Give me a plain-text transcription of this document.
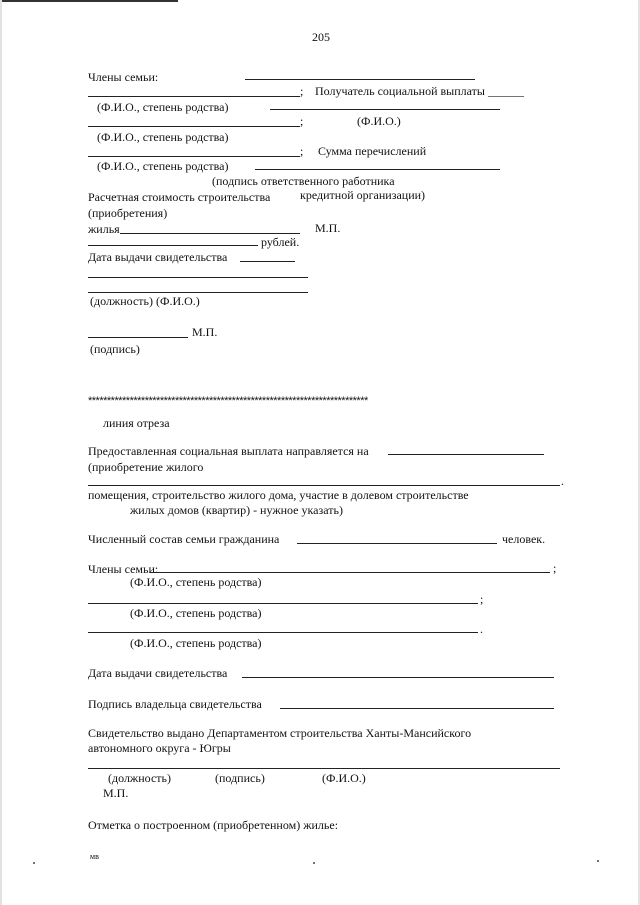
205
Члены семьи:
; Получатель социальной выплаты ______
(Ф.И.О., степень родства)
;	(Ф.И.О.)
(Ф.И.О., степень родства)
; Сумма перечислений
(Ф.И.О., степень родства)
(подпись ответственного работника
Расчетная стоимость строительства кредитной организации)
(приобретения)
жилья	М.П.
рублей.
Дата выдачи свидетельства
(должность) (Ф.И.О.)
М.П.
(подпись)
**************************************************************************
линия отреза
Предоставленная социальная выплата направляется на
(приобретение жилого
.
помещения, строительство жилого дома, участие в долевом строительстве
жилых домов (квартир) - нужное указать)
Численный состав семьи гражданина	человек.
Члены семьи:	;
(Ф.И.О., степень родства)
;
(Ф.И.О., степень родства)
.
(Ф.И.О., степень родства)
Дата выдачи свидетельства
Подпись владельца свидетельства
Свидетельство выдано Департаментом строительства Ханты-Мансийского
автономного округа - Югры
(должность)	(подпись)	(Ф.И.О.)
М.П.
Отметка о построенном (приобретенном) жилье:
мв
